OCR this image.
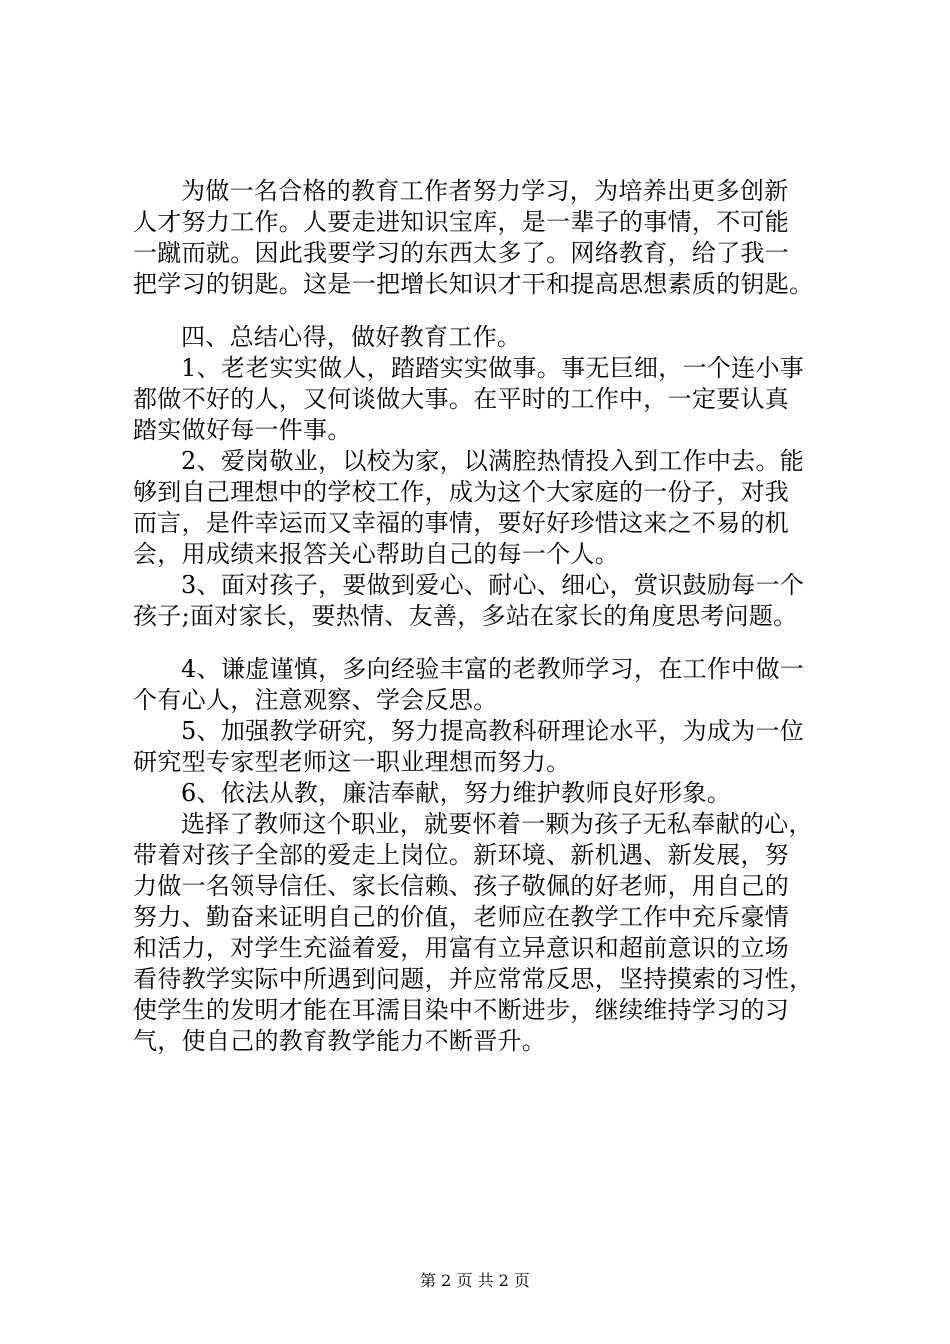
为做一名合格的教育工作者努力学习，为培养出更多创新
人才努力工作。人要走进知识宝库，是一辈子的事情，不可能
一蹴而就。因此我要学习的东西太多了。网络教育，给了我一
把学习的钥匙。这是一把增长知识才干和提高思想素质的钥匙。
四、总结心得，做好教育工作。
1、老老实实做人，踏踏实实做事。事无巨细，一个连小事
都做不好的人，又何谈做大事。在平时的工作中，一定要认真
踏实做好每一件事。
2、爱岗敬业，以校为家，以满腔热情投入到工作中去。能
够到自己理想中的学校工作，成为这个大家庭的一份子，对我
而言，是件幸运而又幸福的事情，要好好珍惜这来之不易的机
会，用成绩来报答关心帮助自己的每一个人。
3、面对孩子，要做到爱心、耐心、细心，赏识鼓励每一个
孩子;面对家长，要热情、友善，多站在家长的角度思考问题。
4、谦虚谨慎，多向经验丰富的老教师学习，在工作中做一
个有心人，注意观察、学会反思。
5、加强教学研究，努力提高教科研理论水平，为成为一位
研究型专家型老师这一职业理想而努力。
6、依法从教，廉洁奉献，努力维护教师良好形象。
选择了教师这个职业，就要怀着一颗为孩子无私奉献的心，
带着对孩子全部的爱走上岗位。新环境、新机遇、新发展，努
力做一名领导信任、家长信赖、孩子敬佩的好老师，用自己的
努力、勤奋来证明自己的价值，老师应在教学工作中充斥豪情
和活力，对学生充溢着爱，用富有立异意识和超前意识的立场
看待教学实际中所遇到问题，并应常常反思，坚持摸索的习性，
使学生的发明才能在耳濡目染中不断进步，继续维持学习的习
气，使自己的教育教学能力不断晋升。
第 2 页 共 2 页
